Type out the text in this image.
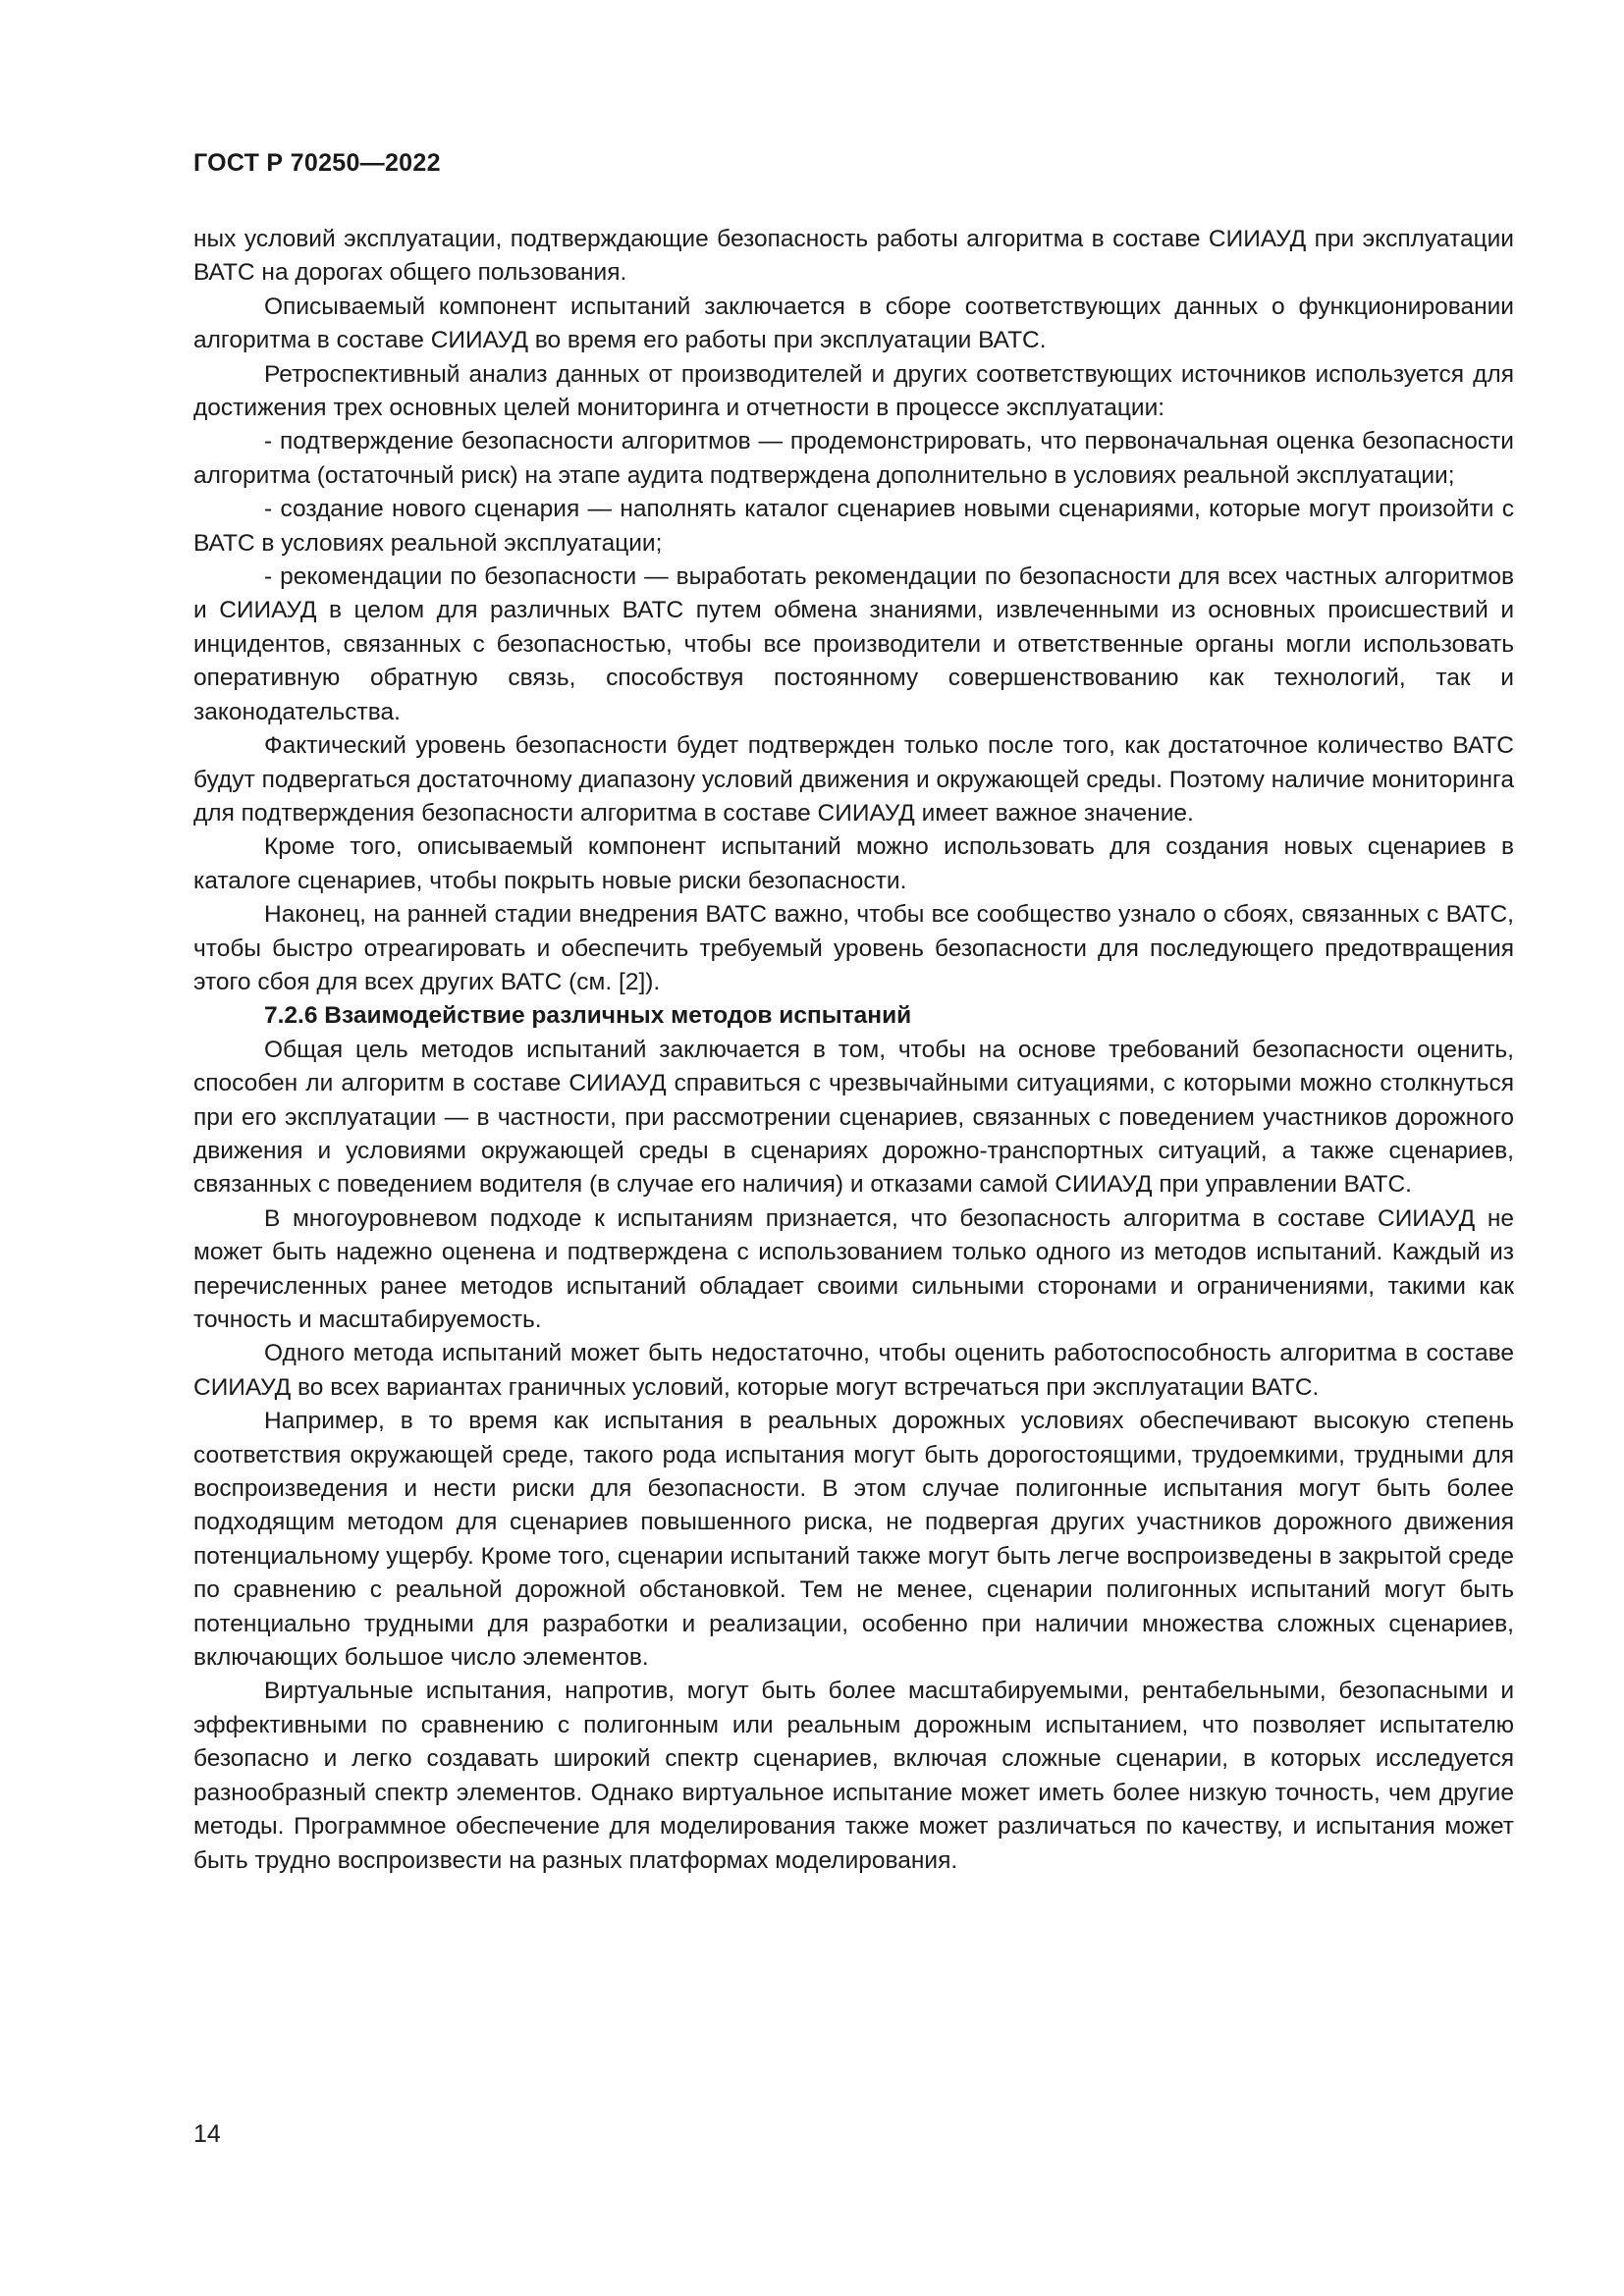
ГОСТ Р 70250—2022

ных условий эксплуатации, подтверждающие безопасность работы алгоритма в составе СИИАУД при эксплуатации ВАТС на дорогах общего пользования.

Описываемый компонент испытаний заключается в сборе соответствующих данных о функционировании алгоритма в составе СИИАУД во время его работы при эксплуатации ВАТС.

Ретроспективный анализ данных от производителей и других соответствующих источников используется для достижения трех основных целей мониторинга и отчетности в процессе эксплуатации:

- подтверждение безопасности алгоритмов — продемонстрировать, что первоначальная оценка безопасности алгоритма (остаточный риск) на этапе аудита подтверждена дополнительно в условиях реальной эксплуатации;

- создание нового сценария — наполнять каталог сценариев новыми сценариями, которые могут произойти с ВАТС в условиях реальной эксплуатации;

- рекомендации по безопасности — выработать рекомендации по безопасности для всех частных алгоритмов и СИИАУД в целом для различных ВАТС путем обмена знаниями, извлеченными из основных происшествий и инцидентов, связанных с безопасностью, чтобы все производители и ответственные органы могли использовать оперативную обратную связь, способствуя постоянному совершенствованию как технологий, так и законодательства.

Фактический уровень безопасности будет подтвержден только после того, как достаточное количество ВАТС будут подвергаться достаточному диапазону условий движения и окружающей среды. Поэтому наличие мониторинга для подтверждения безопасности алгоритма в составе СИИАУД имеет важное значение.

Кроме того, описываемый компонент испытаний можно использовать для создания новых сценариев в каталоге сценариев, чтобы покрыть новые риски безопасности.

Наконец, на ранней стадии внедрения ВАТС важно, чтобы все сообщество узнало о сбоях, связанных с ВАТС, чтобы быстро отреагировать и обеспечить требуемый уровень безопасности для последующего предотвращения этого сбоя для всех других ВАТС (см. [2]).

7.2.6 Взаимодействие различных методов испытаний

Общая цель методов испытаний заключается в том, чтобы на основе требований безопасности оценить, способен ли алгоритм в составе СИИАУД справиться с чрезвычайными ситуациями, с которыми можно столкнуться при его эксплуатации — в частности, при рассмотрении сценариев, связанных с поведением участников дорожного движения и условиями окружающей среды в сценариях дорожно-транспортных ситуаций, а также сценариев, связанных с поведением водителя (в случае его наличия) и отказами самой СИИАУД при управлении ВАТС.

В многоуровневом подходе к испытаниям признается, что безопасность алгоритма в составе СИИАУД не может быть надежно оценена и подтверждена с использованием только одного из методов испытаний. Каждый из перечисленных ранее методов испытаний обладает своими сильными сторонами и ограничениями, такими как точность и масштабируемость.

Одного метода испытаний может быть недостаточно, чтобы оценить работоспособность алгоритма в составе СИИАУД во всех вариантах граничных условий, которые могут встречаться при эксплуатации ВАТС.

Например, в то время как испытания в реальных дорожных условиях обеспечивают высокую степень соответствия окружающей среде, такого рода испытания могут быть дорогостоящими, трудоемкими, трудными для воспроизведения и нести риски для безопасности. В этом случае полигонные испытания могут быть более подходящим методом для сценариев повышенного риска, не подвергая других участников дорожного движения потенциальному ущербу. Кроме того, сценарии испытаний также могут быть легче воспроизведены в закрытой среде по сравнению с реальной дорожной обстановкой. Тем не менее, сценарии полигонных испытаний могут быть потенциально трудными для разработки и реализации, особенно при наличии множества сложных сценариев, включающих большое число элементов.

Виртуальные испытания, напротив, могут быть более масштабируемыми, рентабельными, безопасными и эффективными по сравнению с полигонным или реальным дорожным испытанием, что позволяет испытателю безопасно и легко создавать широкий спектр сценариев, включая сложные сценарии, в которых исследуется разнообразный спектр элементов. Однако виртуальное испытание может иметь более низкую точность, чем другие методы. Программное обеспечение для моделирования также может различаться по качеству, и испытания может быть трудно воспроизвести на разных платформах моделирования.

14
